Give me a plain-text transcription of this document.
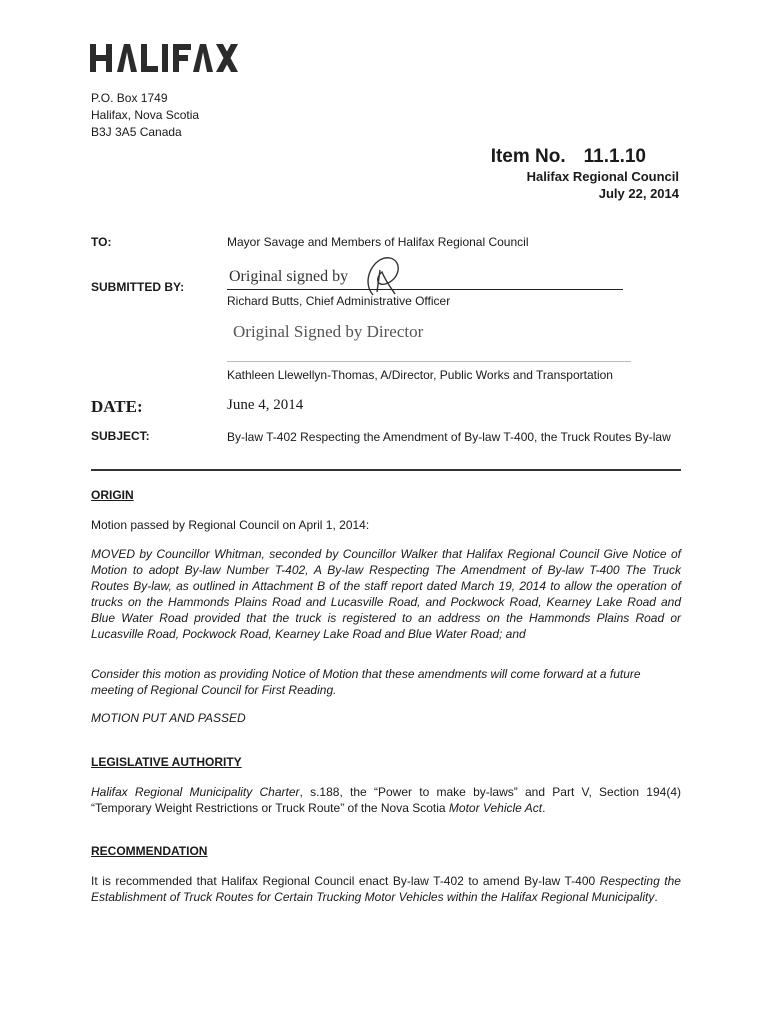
P.O. Box 1749
Halifax, Nova Scotia
B3J 3A5 Canada
Item No. 11.1.10
Halifax Regional Council
July 22, 2014
TO:	Mayor Savage and Members of Halifax Regional Council
SUBMITTED BY:
Original signed by
Richard Butts, Chief Administrative Officer
Original Signed by Director
Kathleen Llewellyn-Thomas, A/Director, Public Works and Transportation
DATE:	June 4, 2014
SUBJECT:	By-law T-402 Respecting the Amendment of By-law T-400, the Truck Routes By-law
ORIGIN
Motion passed by Regional Council on April 1, 2014:
MOVED by Councillor Whitman, seconded by Councillor Walker that Halifax Regional Council Give Notice of Motion to adopt By-law Number T-402, A By-law Respecting The Amendment of By-law T-400 The Truck Routes By-law, as outlined in Attachment B of the staff report dated March 19, 2014 to allow the operation of trucks on the Hammonds Plains Road and Lucasville Road, and Pockwock Road, Kearney Lake Road and Blue Water Road provided that the truck is registered to an address on the Hammonds Plains Road or Lucasville Road, Pockwock Road, Kearney Lake Road and Blue Water Road; and
Consider this motion as providing Notice of Motion that these amendments will come forward at a future meeting of Regional Council for First Reading.
MOTION PUT AND PASSED
LEGISLATIVE AUTHORITY
Halifax Regional Municipality Charter, s.188, the “Power to make by-laws” and Part V, Section 194(4) “Temporary Weight Restrictions or Truck Route” of the Nova Scotia Motor Vehicle Act.
RECOMMENDATION
It is recommended that Halifax Regional Council enact By-law T-402 to amend By-law T-400 Respecting the Establishment of Truck Routes for Certain Trucking Motor Vehicles within the Halifax Regional Municipality.
